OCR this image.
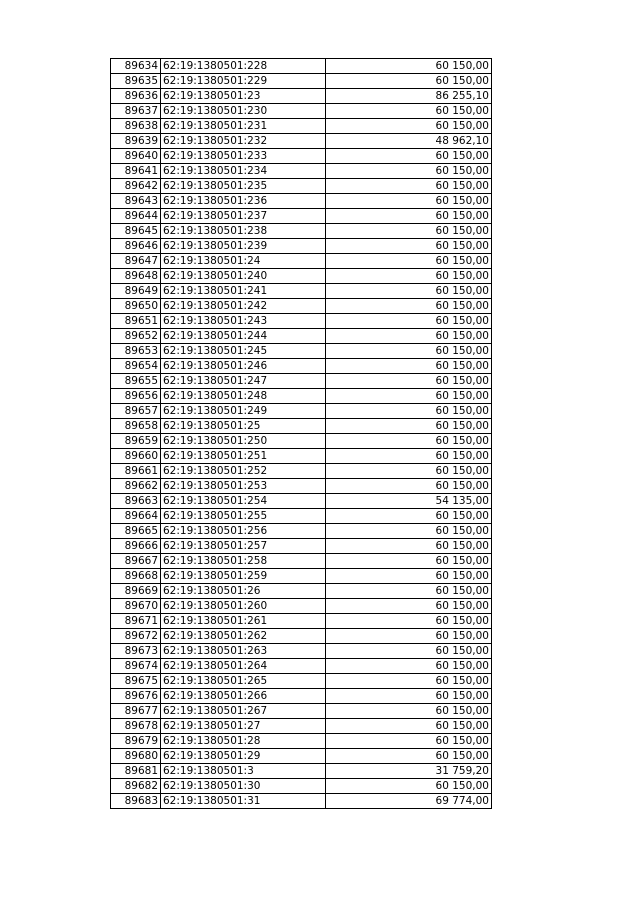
89634	62:19:1380501:228	60 150,00
89635	62:19:1380501:229	60 150,00
89636	62:19:1380501:23	86 255,10
89637	62:19:1380501:230	60 150,00
89638	62:19:1380501:231	60 150,00
89639	62:19:1380501:232	48 962,10
89640	62:19:1380501:233	60 150,00
89641	62:19:1380501:234	60 150,00
89642	62:19:1380501:235	60 150,00
89643	62:19:1380501:236	60 150,00
89644	62:19:1380501:237	60 150,00
89645	62:19:1380501:238	60 150,00
89646	62:19:1380501:239	60 150,00
89647	62:19:1380501:24	60 150,00
89648	62:19:1380501:240	60 150,00
89649	62:19:1380501:241	60 150,00
89650	62:19:1380501:242	60 150,00
89651	62:19:1380501:243	60 150,00
89652	62:19:1380501:244	60 150,00
89653	62:19:1380501:245	60 150,00
89654	62:19:1380501:246	60 150,00
89655	62:19:1380501:247	60 150,00
89656	62:19:1380501:248	60 150,00
89657	62:19:1380501:249	60 150,00
89658	62:19:1380501:25	60 150,00
89659	62:19:1380501:250	60 150,00
89660	62:19:1380501:251	60 150,00
89661	62:19:1380501:252	60 150,00
89662	62:19:1380501:253	60 150,00
89663	62:19:1380501:254	54 135,00
89664	62:19:1380501:255	60 150,00
89665	62:19:1380501:256	60 150,00
89666	62:19:1380501:257	60 150,00
89667	62:19:1380501:258	60 150,00
89668	62:19:1380501:259	60 150,00
89669	62:19:1380501:26	60 150,00
89670	62:19:1380501:260	60 150,00
89671	62:19:1380501:261	60 150,00
89672	62:19:1380501:262	60 150,00
89673	62:19:1380501:263	60 150,00
89674	62:19:1380501:264	60 150,00
89675	62:19:1380501:265	60 150,00
89676	62:19:1380501:266	60 150,00
89677	62:19:1380501:267	60 150,00
89678	62:19:1380501:27	60 150,00
89679	62:19:1380501:28	60 150,00
89680	62:19:1380501:29	60 150,00
89681	62:19:1380501:3	31 759,20
89682	62:19:1380501:30	60 150,00
89683	62:19:1380501:31	69 774,00
